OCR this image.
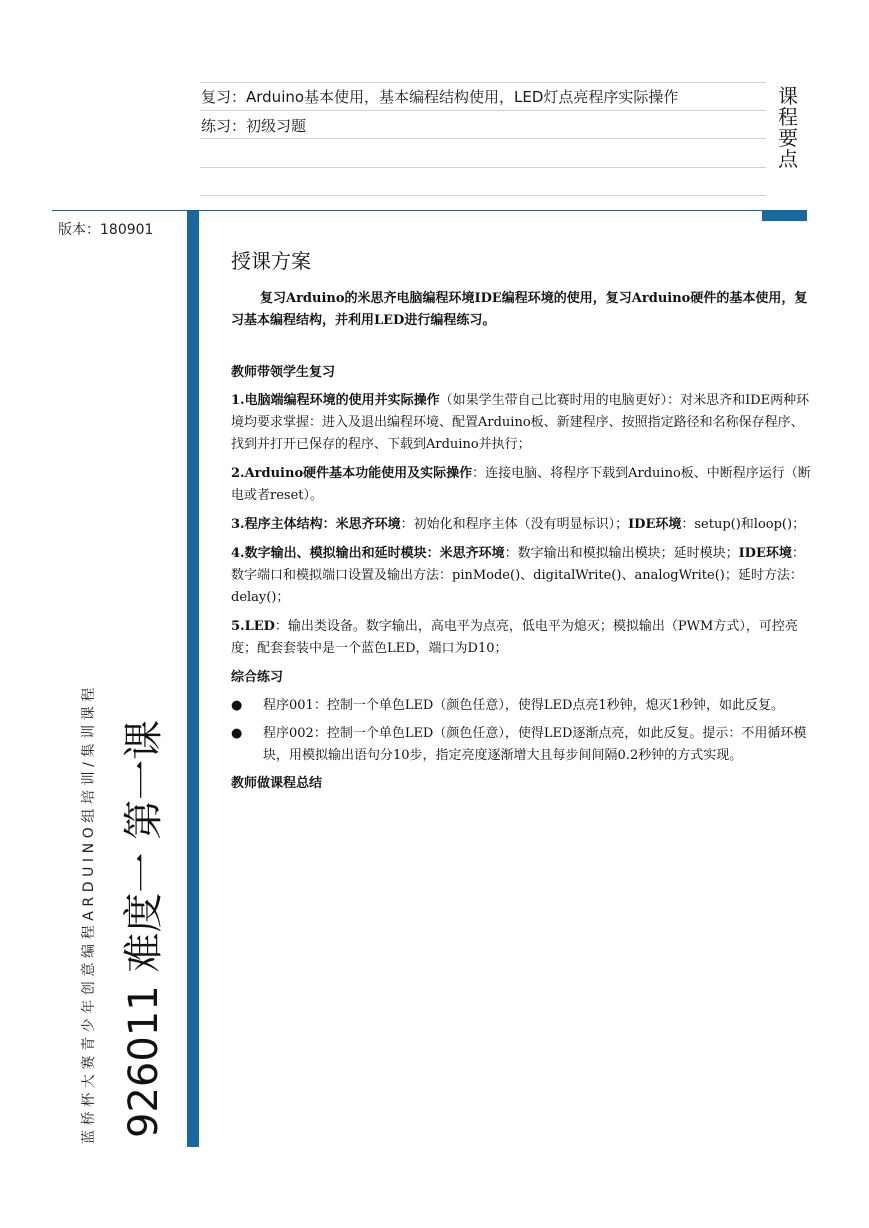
复习：Arduino基本使用，基本编程结构使用，LED灯点亮程序实际操作
练习：初级习题
课程要点
版本：180901
蓝桥杯大赛青少年创意编程ARDUINO组培训/集训课程 926011 难度一 第一课
授课方案

复习Arduino的米思齐电脑编程环境IDE编程环境的使用，复习Arduino硬件的基本使用，复习基本编程结构，并利用LED进行编程练习。

教师带领学生复习

1.电脑端编程环境的使用并实际操作（如果学生带自己比赛时用的电脑更好）：对米思齐和IDE两种环境均要求掌握：进入及退出编程环境、配置Arduino板、新建程序、按照指定路径和名称保存程序、找到并打开已保存的程序、下载到Arduino并执行；

2.Arduino硬件基本功能使用及实际操作：连接电脑、将程序下载到Arduino板、中断程序运行（断电或者reset）。

3.程序主体结构：米思齐环境：初始化和程序主体（没有明显标识）；IDE环境：setup()和loop()；

4.数字输出、模拟输出和延时模块：米思齐环境：数字输出和模拟输出模块；延时模块；IDE环境：数字端口和模拟端口设置及输出方法：pinMode()、digitalWrite()、analogWrite()；延时方法：delay()；

5.LED：输出类设备。数字输出，高电平为点亮，低电平为熄灭；模拟输出（PWM方式），可控亮度；配套套装中是一个蓝色LED，端口为D10；

综合练习

● 程序001：控制一个单色LED（颜色任意），使得LED点亮1秒钟，熄灭1秒钟，如此反复。

● 程序002：控制一个单色LED（颜色任意），使得LED逐渐点亮，如此反复。提示：不用循环模块，用模拟输出语句分10步，指定亮度逐渐增大且每步间间隔0.2秒钟的方式实现。

教师做课程总结
